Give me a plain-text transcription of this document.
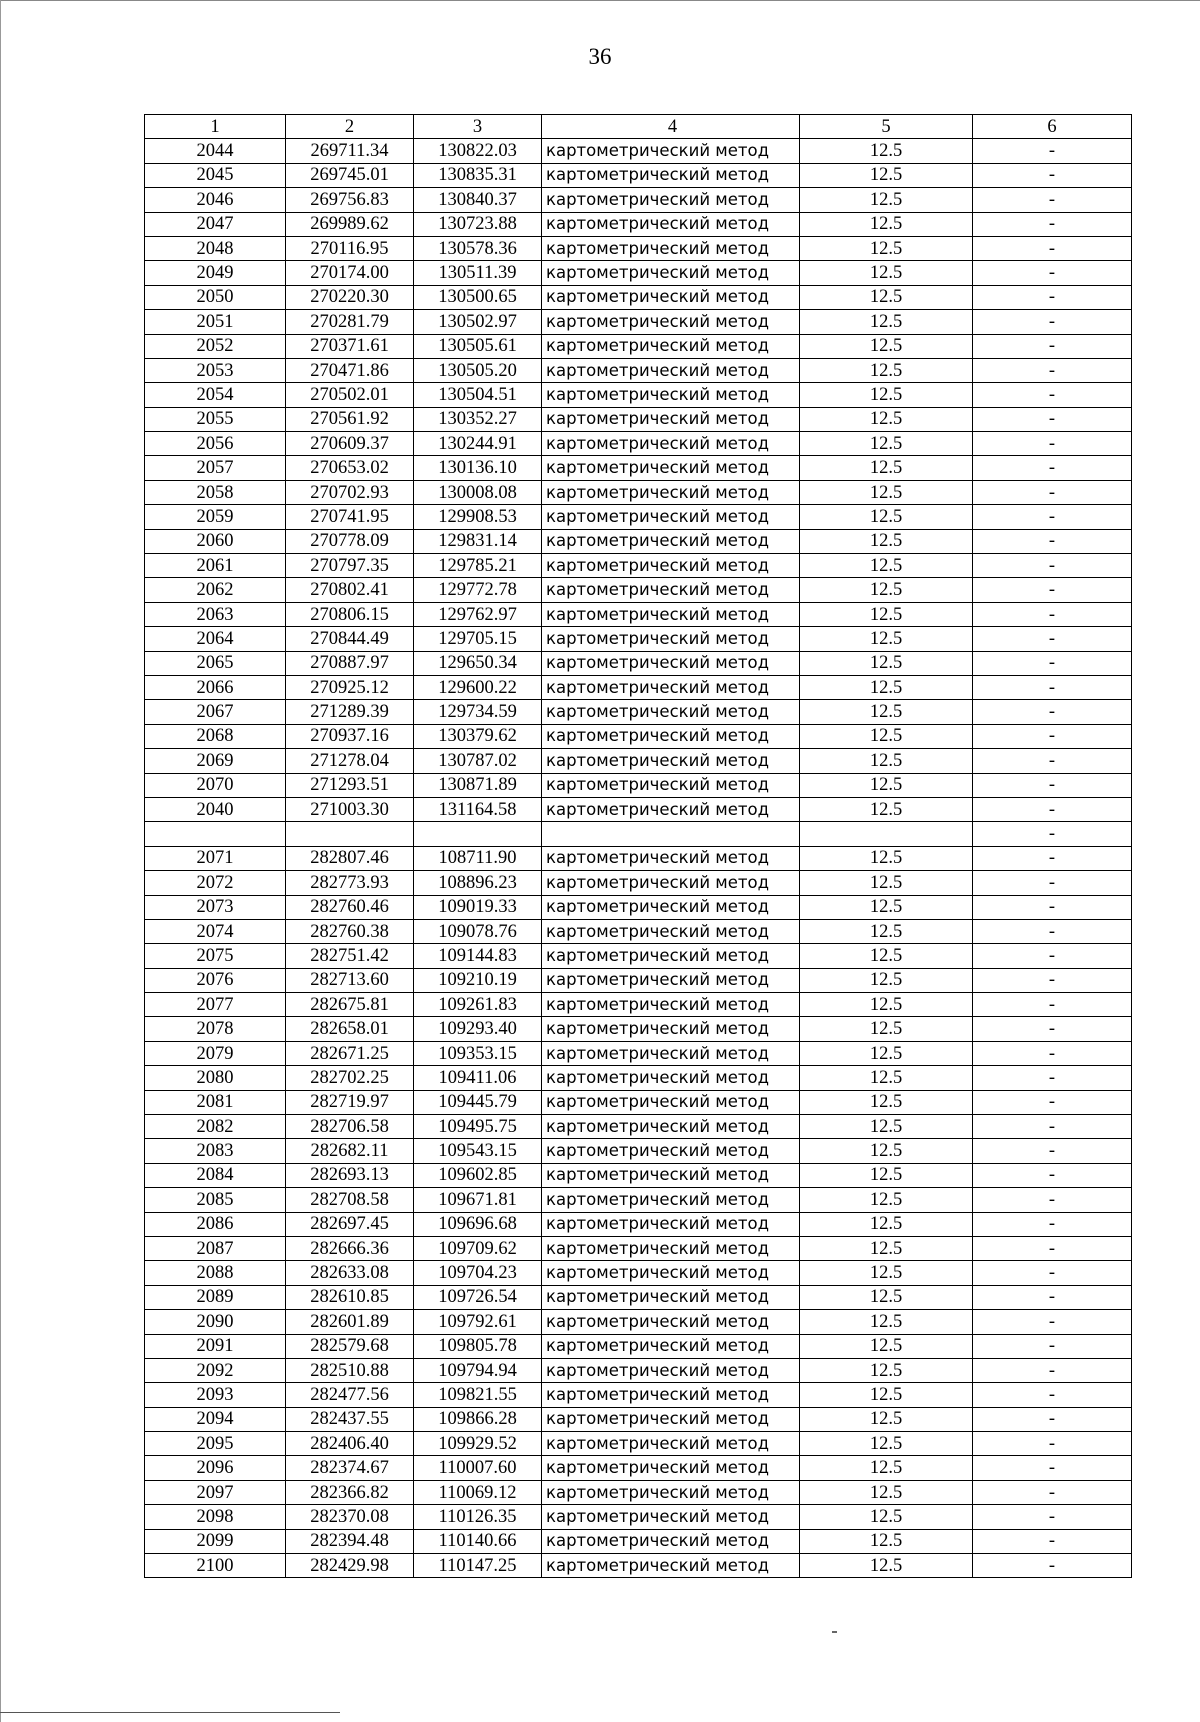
36
1	2	3	4	5	6
2044	269711.34	130822.03	картометрический метод	12.5	-
2045	269745.01	130835.31	картометрический метод	12.5	-
2046	269756.83	130840.37	картометрический метод	12.5	-
2047	269989.62	130723.88	картометрический метод	12.5	-
2048	270116.95	130578.36	картометрический метод	12.5	-
2049	270174.00	130511.39	картометрический метод	12.5	-
2050	270220.30	130500.65	картометрический метод	12.5	-
2051	270281.79	130502.97	картометрический метод	12.5	-
2052	270371.61	130505.61	картометрический метод	12.5	-
2053	270471.86	130505.20	картометрический метод	12.5	-
2054	270502.01	130504.51	картометрический метод	12.5	-
2055	270561.92	130352.27	картометрический метод	12.5	-
2056	270609.37	130244.91	картометрический метод	12.5	-
2057	270653.02	130136.10	картометрический метод	12.5	-
2058	270702.93	130008.08	картометрический метод	12.5	-
2059	270741.95	129908.53	картометрический метод	12.5	-
2060	270778.09	129831.14	картометрический метод	12.5	-
2061	270797.35	129785.21	картометрический метод	12.5	-
2062	270802.41	129772.78	картометрический метод	12.5	-
2063	270806.15	129762.97	картометрический метод	12.5	-
2064	270844.49	129705.15	картометрический метод	12.5	-
2065	270887.97	129650.34	картометрический метод	12.5	-
2066	270925.12	129600.22	картометрический метод	12.5	-
2067	271289.39	129734.59	картометрический метод	12.5	-
2068	270937.16	130379.62	картометрический метод	12.5	-
2069	271278.04	130787.02	картометрический метод	12.5	-
2070	271293.51	130871.89	картометрический метод	12.5	-
2040	271003.30	131164.58	картометрический метод	12.5	-
					-
2071	282807.46	108711.90	картометрический метод	12.5	-
2072	282773.93	108896.23	картометрический метод	12.5	-
2073	282760.46	109019.33	картометрический метод	12.5	-
2074	282760.38	109078.76	картометрический метод	12.5	-
2075	282751.42	109144.83	картометрический метод	12.5	-
2076	282713.60	109210.19	картометрический метод	12.5	-
2077	282675.81	109261.83	картометрический метод	12.5	-
2078	282658.01	109293.40	картометрический метод	12.5	-
2079	282671.25	109353.15	картометрический метод	12.5	-
2080	282702.25	109411.06	картометрический метод	12.5	-
2081	282719.97	109445.79	картометрический метод	12.5	-
2082	282706.58	109495.75	картометрический метод	12.5	-
2083	282682.11	109543.15	картометрический метод	12.5	-
2084	282693.13	109602.85	картометрический метод	12.5	-
2085	282708.58	109671.81	картометрический метод	12.5	-
2086	282697.45	109696.68	картометрический метод	12.5	-
2087	282666.36	109709.62	картометрический метод	12.5	-
2088	282633.08	109704.23	картометрический метод	12.5	-
2089	282610.85	109726.54	картометрический метод	12.5	-
2090	282601.89	109792.61	картометрический метод	12.5	-
2091	282579.68	109805.78	картометрический метод	12.5	-
2092	282510.88	109794.94	картометрический метод	12.5	-
2093	282477.56	109821.55	картометрический метод	12.5	-
2094	282437.55	109866.28	картометрический метод	12.5	-
2095	282406.40	109929.52	картометрический метод	12.5	-
2096	282374.67	110007.60	картометрический метод	12.5	-
2097	282366.82	110069.12	картометрический метод	12.5	-
2098	282370.08	110126.35	картометрический метод	12.5	-
2099	282394.48	110140.66	картометрический метод	12.5	-
2100	282429.98	110147.25	картометрический метод	12.5	-
